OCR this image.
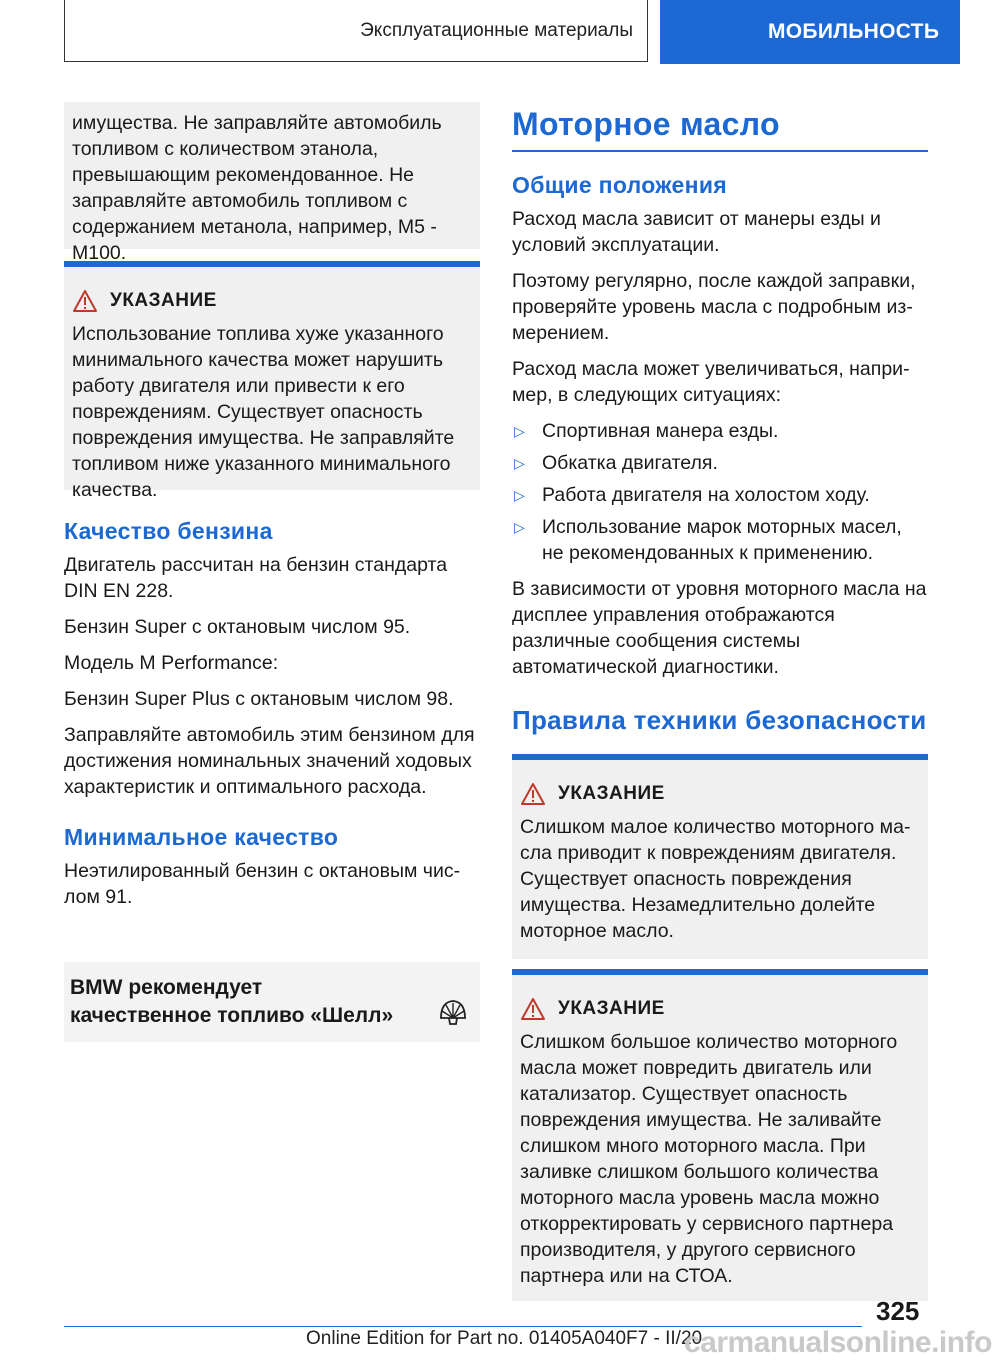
Эксплуатационные материалы	МОБИЛЬНОСТЬ

имущества. Не заправляйте автомобиль топливом с количеством этанола, превышающим рекомендованное. Не заправляйте автомобиль топливом с содержанием метанола, например, M5 - M100.

УКАЗАНИЕ

Использование топлива хуже указанного минимального качества может нарушить работу двигателя или привести к его повреждениям. Существует опасность повреждения имущества. Не заправляйте топливом ниже указанного минимального качества.

Качество бензина

Двигатель рассчитан на бензин стандарта DIN EN 228.

Бензин Super с октановым числом 95.

Модель M Performance:

Бензин Super Plus с октановым числом 98.

Заправляйте автомобиль этим бензином для достижения номинальных значений ходовых характеристик и оптимального расхода.

Минимальное качество

Неэтилированный бензин с октановым числом 91.

BMW рекомендует
качественное топливо «Шелл»
Моторное масло
Общие положения

Расход масла зависит от манеры езды и условий эксплуатации.

Поэтому регулярно, после каждой заправки, проверяйте уровень масла с подробным измерением.

Расход масла может увеличиваться, например, в следующих ситуациях:

▷ Спортивная манера езды.
▷ Обкатка двигателя.
▷ Работа двигателя на холостом ходу.
▷ Использование марок моторных масел, не рекомендованных к применению.

В зависимости от уровня моторного масла на дисплее управления отображаются различные сообщения системы автоматической диагностики.

Правила техники безопасности
УКАЗАНИЕ

Слишком малое количество моторного масла приводит к повреждениям двигателя. Существует опасность повреждения имущества. Незамедлительно долейте моторное масло.

УКАЗАНИЕ

Слишком большое количество моторного масла может повредить двигатель или катализатор. Существует опасность повреждения имущества. Не заливайте слишком много моторного масла. При заливке слишком большого количества моторного масла уровень масла можно откорректировать у сервисного партнера производителя, у другого сервисного партнера или на СТОА.

325
Online Edition for Part no. 01405A040F7 - II/20
carmanualsonline.info
